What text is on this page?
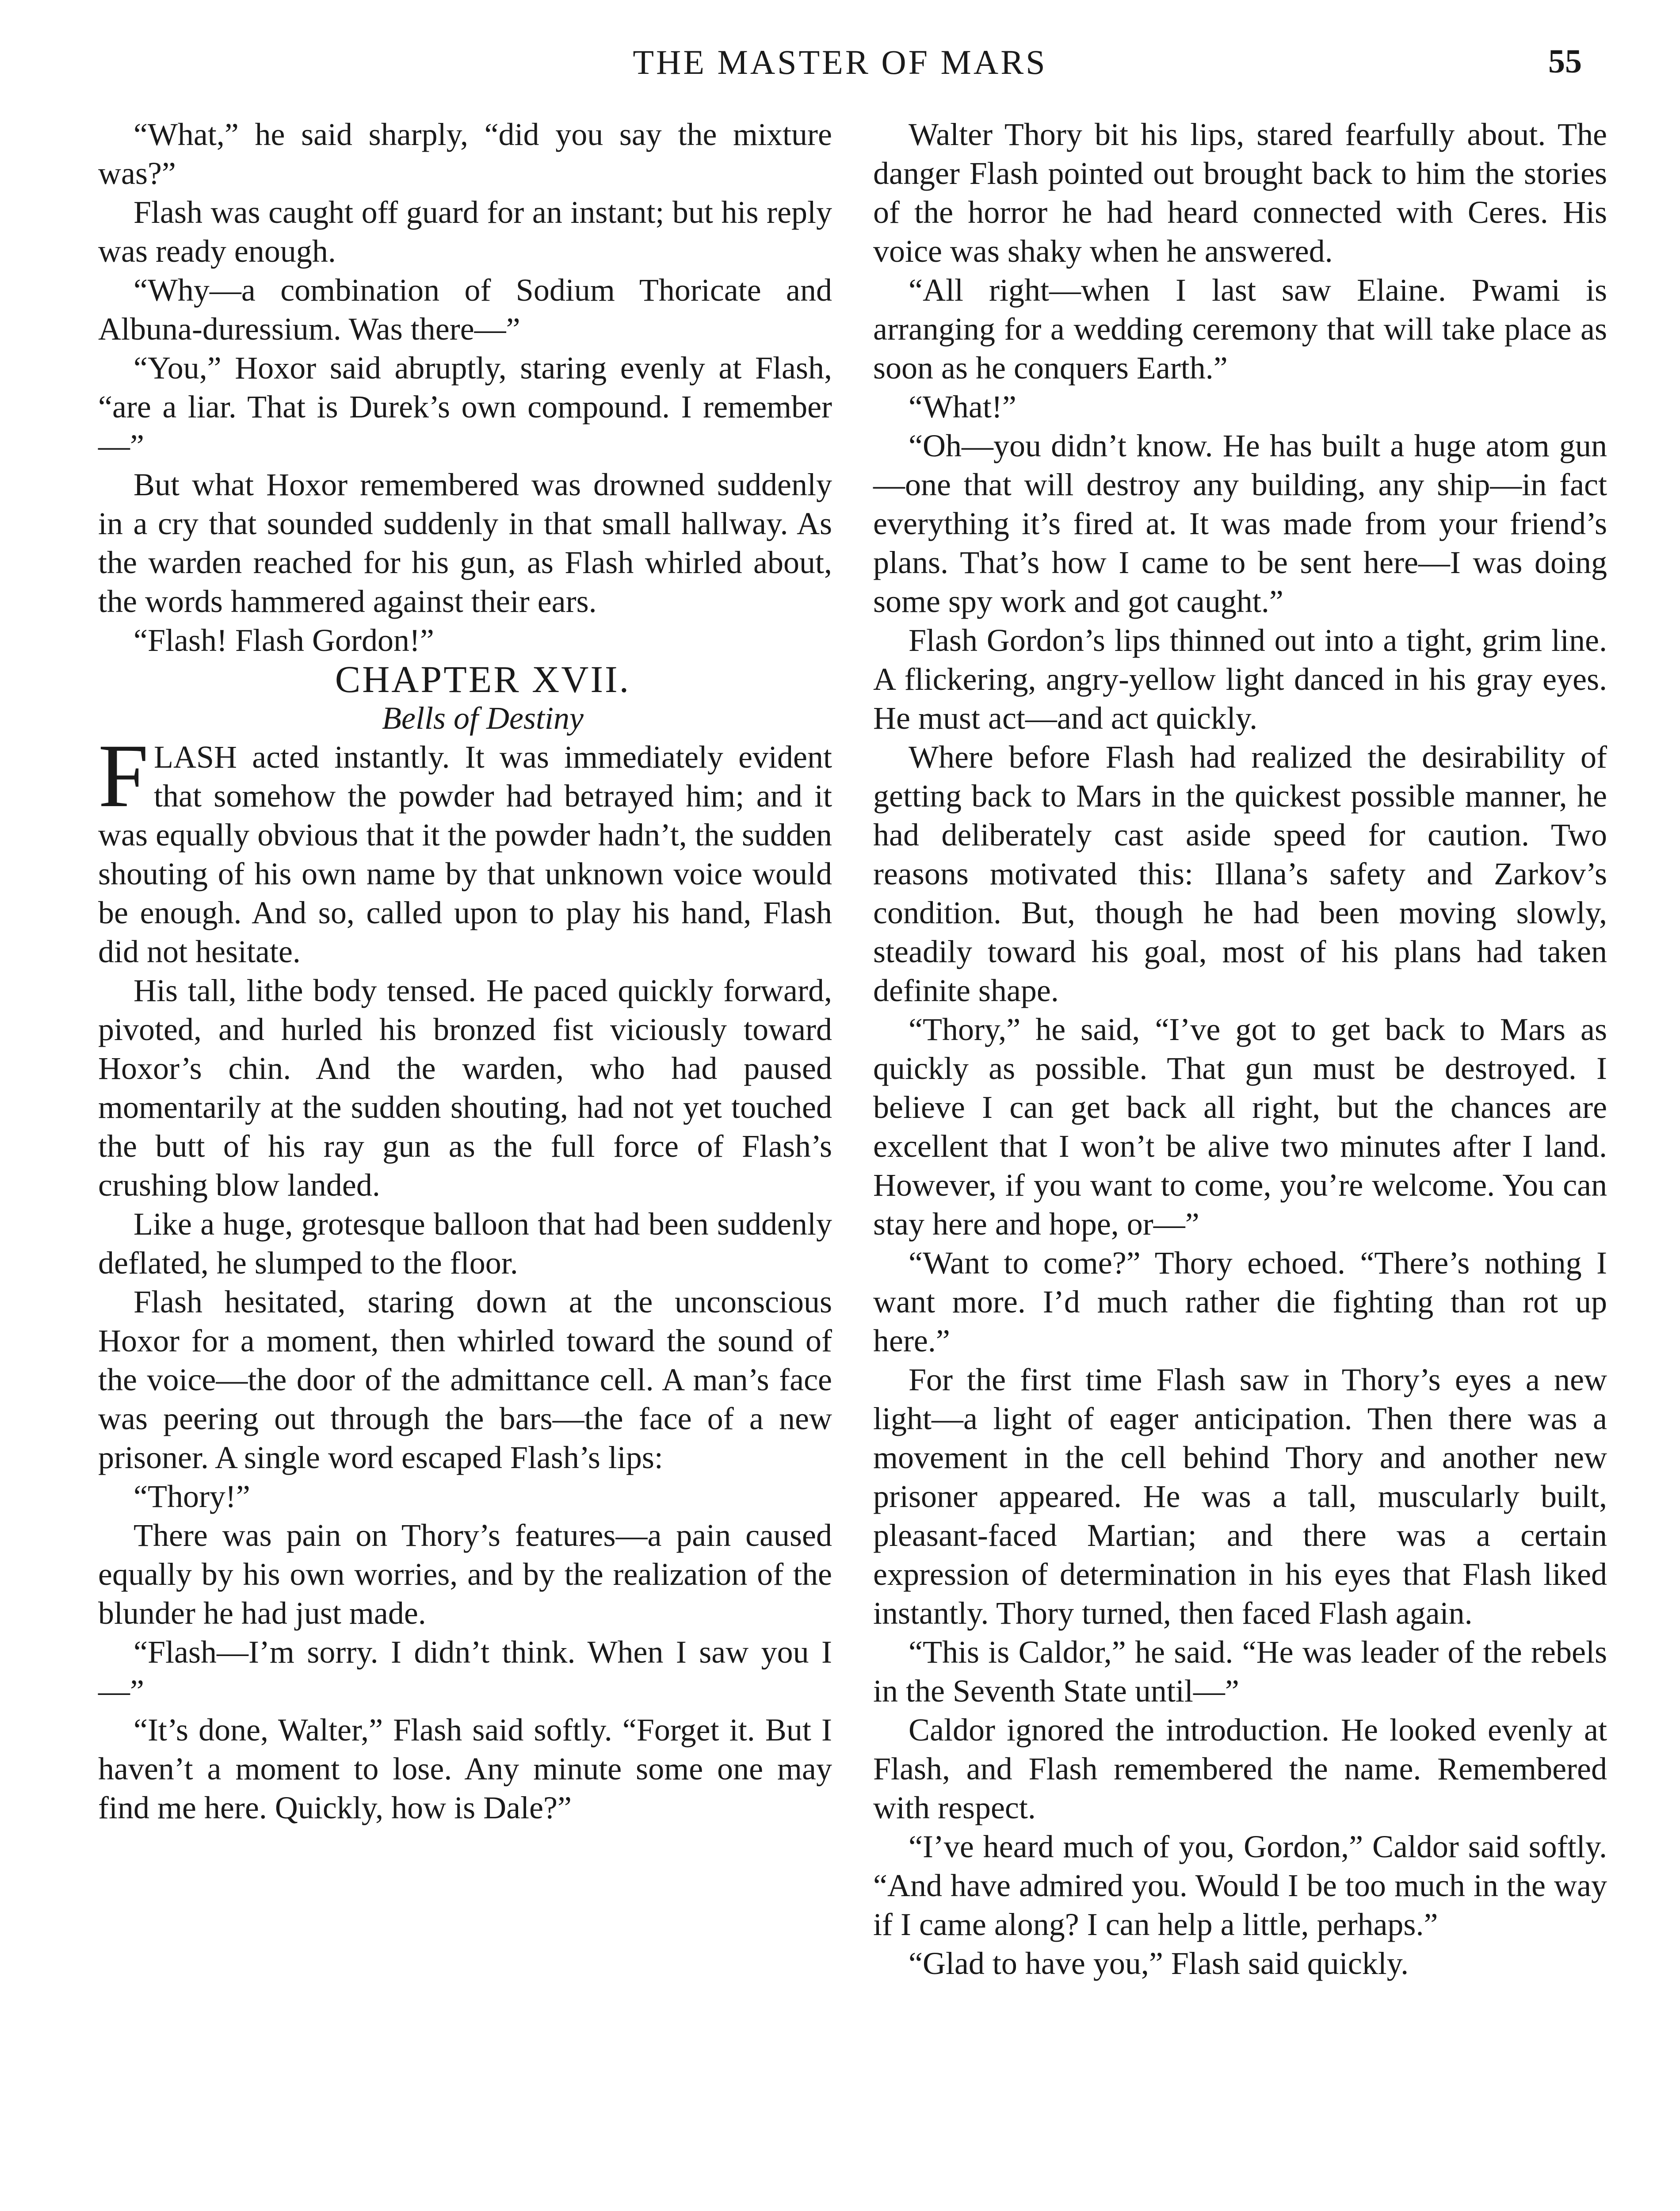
THE MASTER OF MARS	55

“What,” he said sharply, “did you say the mixture was?”

Flash was caught off guard for an instant; but his reply was ready enough.

“Why—a combination of Sodium Thoricate and Albuna-duressium. Was there—”

“You,” Hoxor said abruptly, staring evenly at Flash, “are a liar. That is Durek’s own compound. I remember—”

But what Hoxor remembered was drowned suddenly in a cry that sounded suddenly in that small hallway. As the warden reached for his gun, as Flash whirled about, the words hammered against their ears.

“Flash! Flash Gordon!”

CHAPTER XVII.

Bells of Destiny

FLASH acted instantly. It was immediately evident that somehow the powder had betrayed him; and it was equally obvious that it the powder hadn’t, the sudden shouting of his own name by that unknown voice would be enough. And so, called upon to play his hand, Flash did not hesitate.

His tall, lithe body tensed. He paced quickly forward, pivoted, and hurled his bronzed fist viciously toward Hoxor’s chin. And the warden, who had paused momentarily at the sudden shouting, had not yet touched the butt of his ray gun as the full force of Flash’s crushing blow landed.

Like a huge, grotesque balloon that had been suddenly deflated, he slumped to the floor.

Flash hesitated, staring down at the unconscious Hoxor for a moment, then whirled toward the sound of the voice—the door of the admittance cell. A man’s face was peering out through the bars—the face of a new prisoner. A single word escaped Flash’s lips:

“Thory!”

There was pain on Thory’s features—a pain caused equally by his own worries, and by the realization of the blunder he had just made.

“Flash—I’m sorry. I didn’t think. When I saw you I—”

“It’s done, Walter,” Flash said softly. “Forget it. But I haven’t a moment to lose. Any minute some one may find me here. Quickly, how is Dale?”

Walter Thory bit his lips, stared fearfully about. The danger Flash pointed out brought back to him the stories of the horror he had heard connected with Ceres. His voice was shaky when he answered.

“All right—when I last saw Elaine. Pwami is arranging for a wedding ceremony that will take place as soon as he conquers Earth.”

“What!”

“Oh—you didn’t know. He has built a huge atom gun—one that will destroy any building, any ship—in fact everything it’s fired at. It was made from your friend’s plans. That’s how I came to be sent here—I was doing some spy work and got caught.”

Flash Gordon’s lips thinned out into a tight, grim line. A flickering, angry-yellow light danced in his gray eyes. He must act—and act quickly.

Where before Flash had realized the desirability of getting back to Mars in the quickest possible manner, he had deliberately cast aside speed for caution. Two reasons motivated this: Illana’s safety and Zarkov’s condition. But, though he had been moving slowly, steadily toward his goal, most of his plans had taken definite shape.

“Thory,” he said, “I’ve got to get back to Mars as quickly as possible. That gun must be destroyed. I believe I can get back all right, but the chances are excellent that I won’t be alive two minutes after I land. However, if you want to come, you’re welcome. You can stay here and hope, or—”

“Want to come?” Thory echoed. “There’s nothing I want more. I’d much rather die fighting than rot up here.”

For the first time Flash saw in Thory’s eyes a new light—a light of eager anticipation. Then there was a movement in the cell behind Thory and another new prisoner appeared. He was a tall, muscularly built, pleasant-faced Martian; and there was a certain expression of determination in his eyes that Flash liked instantly. Thory turned, then faced Flash again.

“This is Caldor,” he said. “He was leader of the rebels in the Seventh State until—”

Caldor ignored the introduction. He looked evenly at Flash, and Flash remembered the name. Remembered with respect.

“I’ve heard much of you, Gordon,” Caldor said softly. “And have admired you. Would I be too much in the way if I came along? I can help a little, perhaps.”

“Glad to have you,” Flash said quickly.
